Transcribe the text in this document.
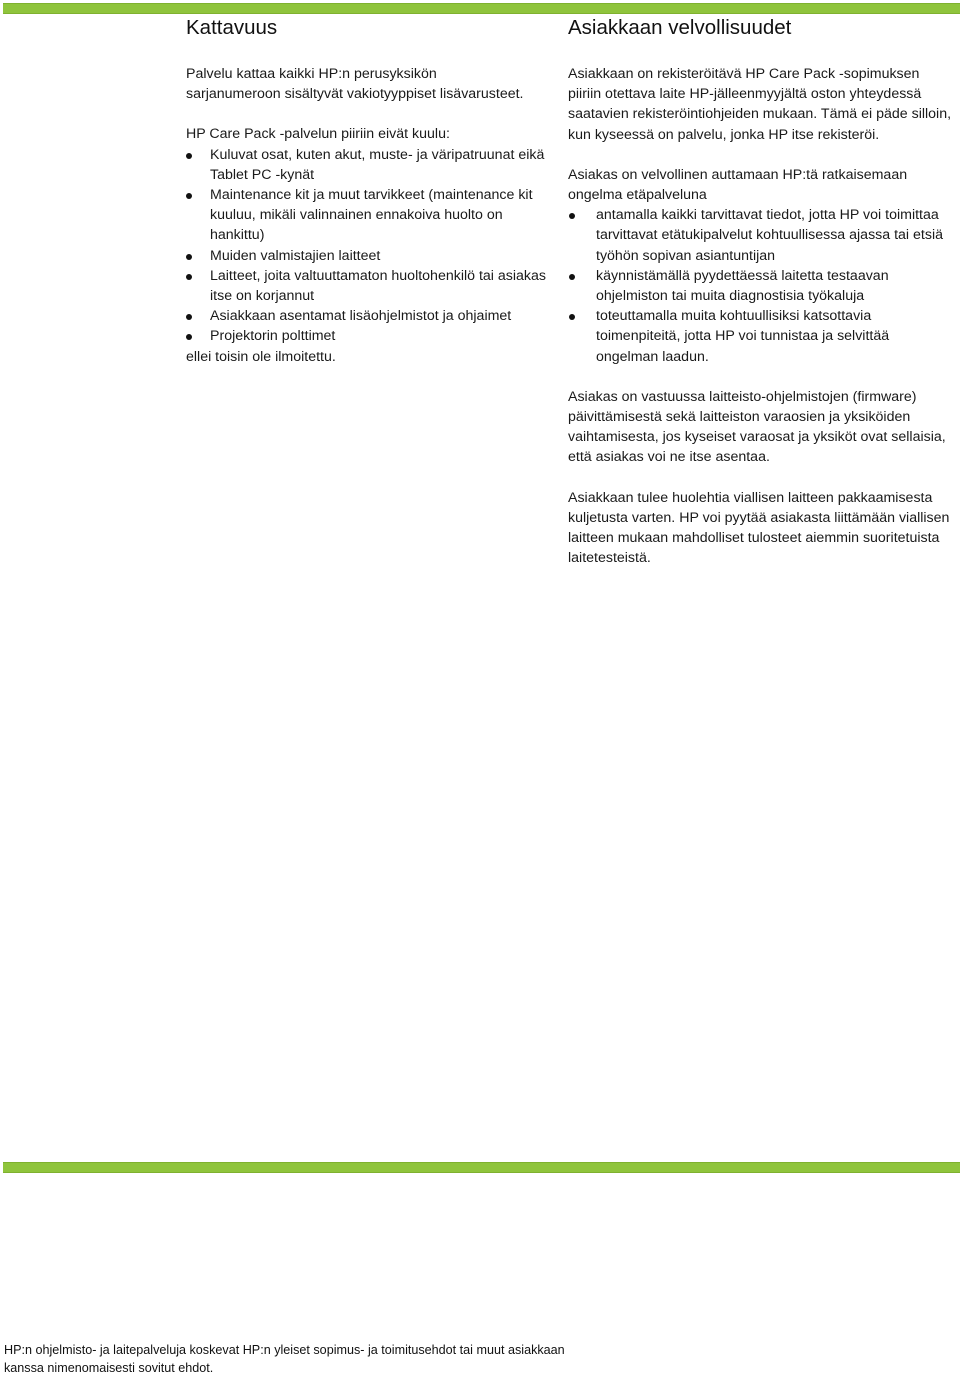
Kattavuus

Palvelu kattaa kaikki HP:n perusyksikön
sarjanumeroon sisältyvät vakiotyyppiset lisävarusteet.

HP Care Pack -palvelun piiriin eivät kuulu:

Kuluvat osat, kuten akut, muste- ja väripatruunat eikä Tablet PC -kynät
Maintenance kit ja muut tarvikkeet (maintenance kit kuuluu, mikäli valinnainen ennakoiva huolto on hankittu)
Muiden valmistajien laitteet
Laitteet, joita valtuuttamaton huoltohenkilö tai asiakas itse on korjannut
Asiakkaan asentamat lisäohjelmistot ja ohjaimet
Projektorin polttimet

ellei toisin ole ilmoitettu.

Asiakkaan velvollisuudet

Asiakkaan on rekisteröitävä HP Care Pack -sopimuksen piiriin otettava laite HP-jälleenmyyjältä oston yhteydessä saatavien rekisteröintiohjeiden mukaan. Tämä ei päde silloin, kun kyseessä on palvelu, jonka HP itse rekisteröi.

Asiakas on velvollinen auttamaan HP:tä ratkaisemaan ongelma etäpalveluna

antamalla kaikki tarvittavat tiedot, jotta HP voi toimittaa tarvittavat etätukipalvelut kohtuullisessa ajassa tai etsiä työhön sopivan asiantuntijan
käynnistämällä pyydettäessä laitetta testaavan ohjelmiston tai muita diagnostisia työkaluja
toteuttamalla muita kohtuullisiksi katsottavia toimenpiteitä, jotta HP voi tunnistaa ja selvittää ongelman laadun.

Asiakas on vastuussa laitteisto-ohjelmistojen (firmware) päivittämisestä sekä laitteiston varaosien ja yksiköiden vaihtamisesta, jos kyseiset varaosat ja yksiköt ovat sellaisia, että asiakas voi ne itse asentaa.

Asiakkaan tulee huolehtia viallisen laitteen pakkaamisesta kuljetusta varten. HP voi pyytää asiakasta liittämään viallisen laitteen mukaan mahdolliset tulosteet aiemmin suoritetuista laitetesteistä.

HP:n ohjelmisto- ja laitepalveluja koskevat HP:n yleiset sopimus- ja toimitusehdot tai muut asiakkaan
kanssa nimenomaisesti sovitut ehdot.
